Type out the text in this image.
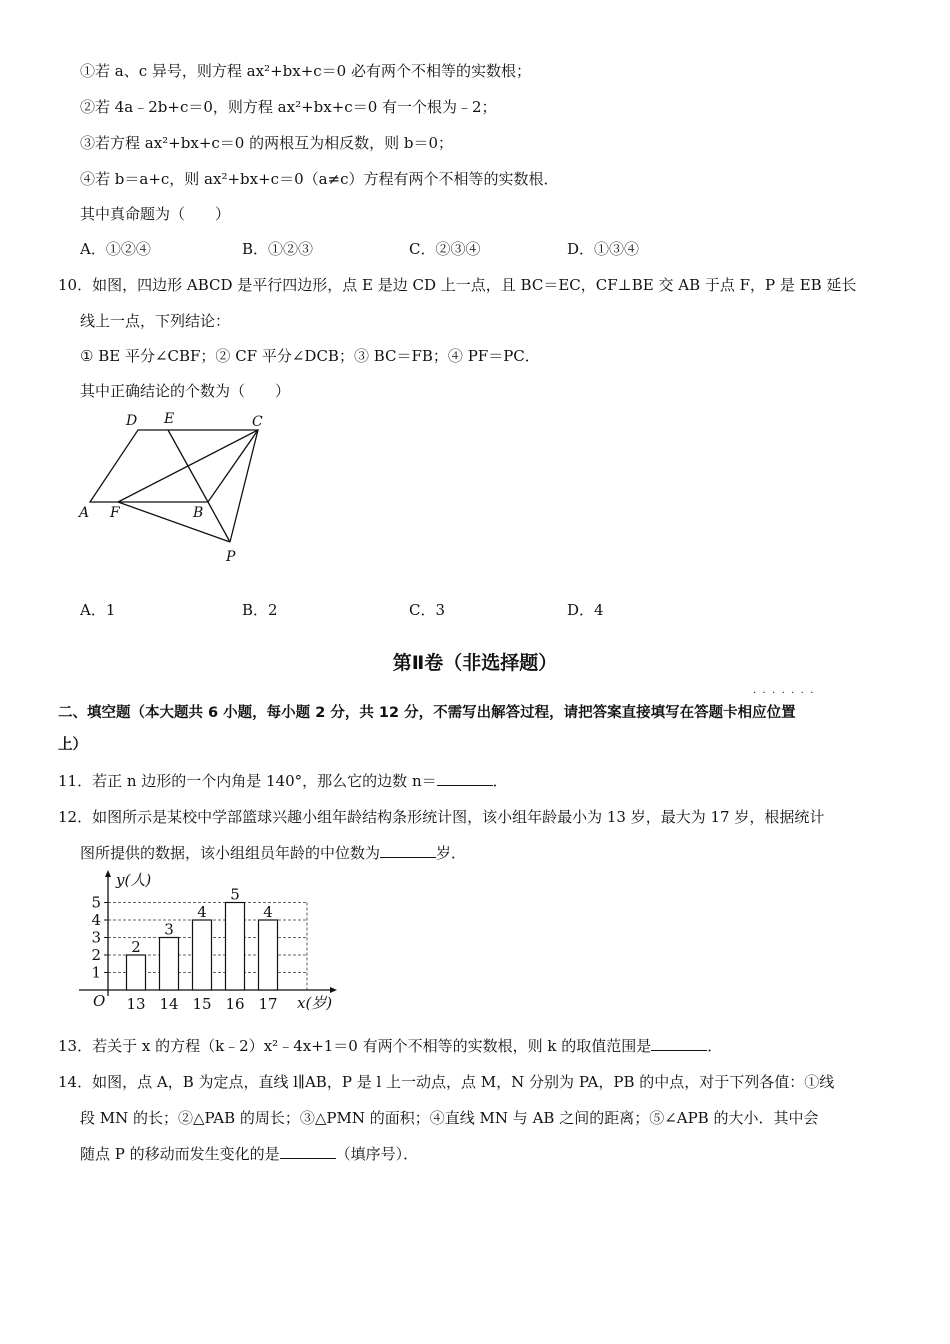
①若 a、c 异号，则方程 ax²+bx+c＝0 必有两个不相等的实数根；
②若 4a﹣2b+c＝0，则方程 ax²+bx+c＝0 有一个根为﹣2；
③若方程 ax²+bx+c＝0 的两根互为相反数，则 b＝0；
④若 b＝a+c，则 ax²+bx+c＝0（a≠c）方程有两个不相等的实数根．
其中真命题为（　　）
A．①②④	B．①②③	C．②③④	D．①③④
10．如图，四边形 ABCD 是平行四边形，点 E 是边 CD 上一点，且 BC＝EC，CF⊥BE 交 AB 于点 F，P 是 EB 延长
线上一点，下列结论：
① BE 平分∠CBF；② CF 平分∠DCB；③ BC＝FB；④ PF＝PC．
其中正确结论的个数为（　　）
D E	C
A F	B
P
A．1	B．2	C．3	D．4
第Ⅱ卷（非选择题）
·  ·  ·  ·  ·  ·  ·
二、填空题（本大题共 6 小题，每小题 2 分，共 12 分，不需写出解答过程，请把答案直接填写在答题卡相应位置
上）
11．若正 n 边形的一个内角是 140°，那么它的边数 n＝	．
12．如图所示是某校中学部篮球兴趣小组年龄结构条形统计图，该小组年龄最小为 13 岁，最大为 17 岁，根据统计
图所提供的数据，该小组组员年龄的中位数为	岁．
1
2
3
4
5
y(人)
x(岁)
O
2
13
3
14
4
15
5
16
4
17
13．若关于 x 的方程（k﹣2）x²﹣4x+1＝0 有两个不相等的实数根，则 k 的取值范围是	．
14．如图，点 A，B 为定点，直线 l∥AB，P 是 l 上一动点，点 M，N 分别为 PA，PB 的中点，对于下列各值：①线
段 MN 的长；②△PAB 的周长；③△PMN 的面积；④直线 MN 与 AB 之间的距离；⑤∠APB 的大小．其中会
随点 P 的移动而发生变化的是	（填序号）．
